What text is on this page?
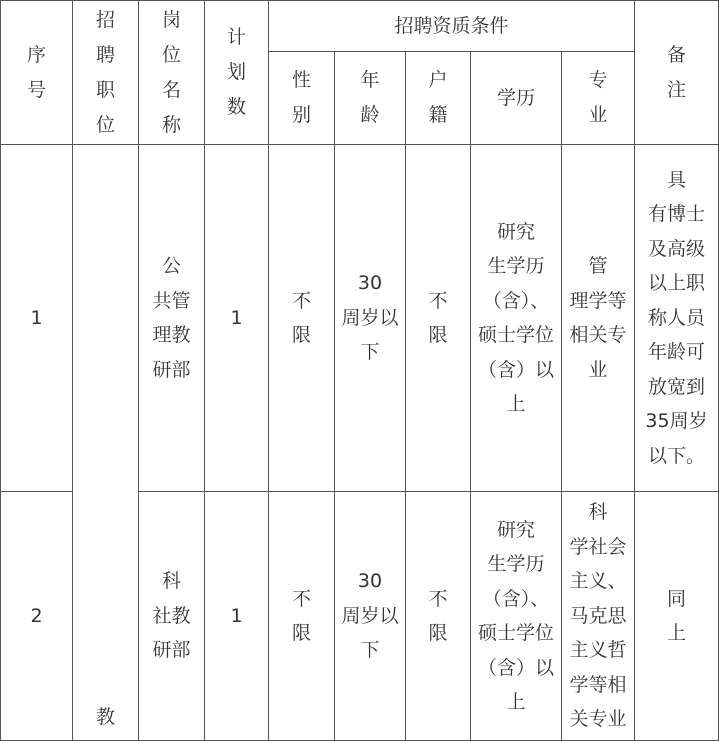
序
号
招
聘
职
位
岗
位
名
称
计
划
数
招聘资质条件
性
别
年
龄
户
籍
学历
专
业
备
注
1
公
共管
理教
研部
1
不
限
30
周岁以
下
不
限
研究
生学历
（含）、
硕士学位
（含）以
上
管
理学等
相关专
业
具
有博士
及高级
以上职
称人员
年龄可
放宽到
35周岁
以下。
2
科
社教
研部
1
不
限
30
周岁以
下
不
限
研究
生学历
（含）、
硕士学位
（含）以
上
科
学社会
主义、
马克思
主义哲
学等相
关专业
同
上
教
